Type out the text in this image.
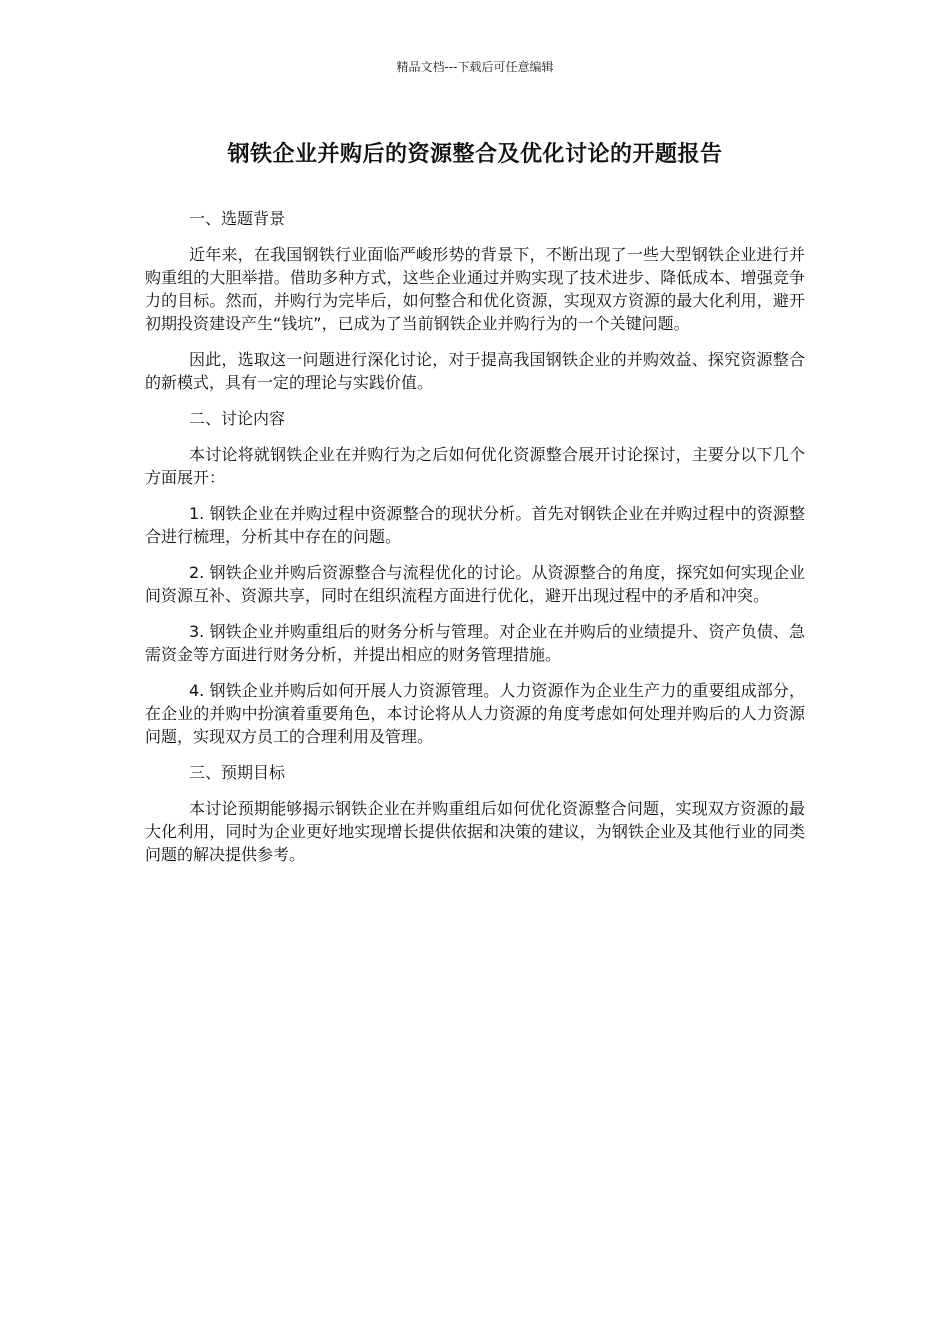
精品文档---下载后可任意编辑
钢铁企业并购后的资源整合及优化讨论的开题报告

一、选题背景

近年来，在我国钢铁行业面临严峻形势的背景下，不断出现了一些大型钢铁企业进行并购重组的大胆举措。借助多种方式，这些企业通过并购实现了技术进步、降低成本、增强竞争力的目标。然而，并购行为完毕后，如何整合和优化资源，实现双方资源的最大化利用，避开初期投资建设产生“钱坑”，已成为了当前钢铁企业并购行为的一个关键问题。

因此，选取这一问题进行深化讨论，对于提高我国钢铁企业的并购效益、探究资源整合的新模式，具有一定的理论与实践价值。

二、讨论内容

本讨论将就钢铁企业在并购行为之后如何优化资源整合展开讨论探讨，主要分以下几个方面展开：

1. 钢铁企业在并购过程中资源整合的现状分析。首先对钢铁企业在并购过程中的资源整合进行梳理，分析其中存在的问题。

2. 钢铁企业并购后资源整合与流程优化的讨论。从资源整合的角度，探究如何实现企业间资源互补、资源共享，同时在组织流程方面进行优化，避开出现过程中的矛盾和冲突。

3. 钢铁企业并购重组后的财务分析与管理。对企业在并购后的业绩提升、资产负债、急需资金等方面进行财务分析，并提出相应的财务管理措施。

4. 钢铁企业并购后如何开展人力资源管理。人力资源作为企业生产力的重要组成部分，在企业的并购中扮演着重要角色，本讨论将从人力资源的角度考虑如何处理并购后的人力资源问题，实现双方员工的合理利用及管理。

三、预期目标

本讨论预期能够揭示钢铁企业在并购重组后如何优化资源整合问题，实现双方资源的最大化利用，同时为企业更好地实现增长提供依据和决策的建议，为钢铁企业及其他行业的同类问题的解决提供参考。
